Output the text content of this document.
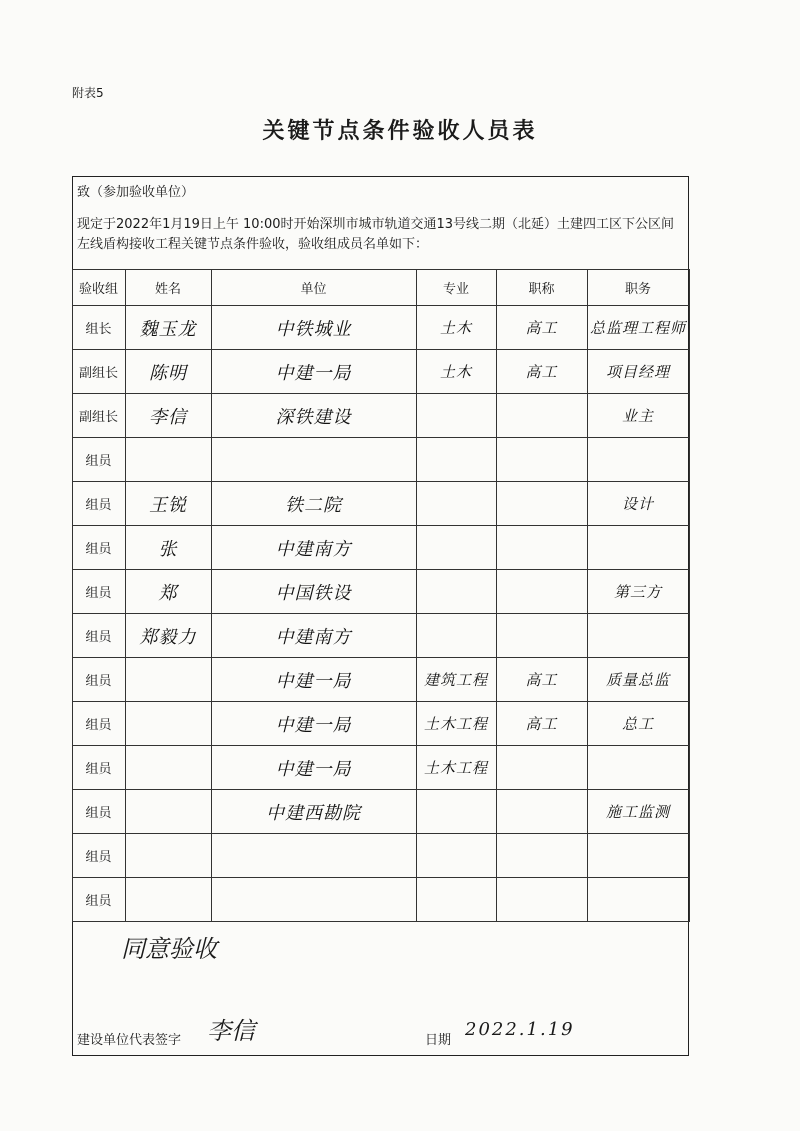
附表5
关键节点条件验收人员表
致（参加验收单位）
现定于2022年1月19日上午 10:00时开始深圳市城市轨道交通13号线二期（北延）土建四工区下公区间左线盾构接收工程关键节点条件验收，验收组成员名单如下：
验收组	姓名	单位	专业	职称	职务
组长	魏玉龙	中铁城业	土木	高工	总监理工程师
副组长	陈明	中建一局	土木	高工	项目经理
副组长	李信	深铁建设			业主
组员					
组员	王锐	铁二院			设计
组员	张	中建南方			
组员	郑	中国铁设			第三方
组员	郑毅力	中建南方			
组员		中建一局	建筑工程	高工	质量总监
组员		中建一局	土木工程	高工	总工
组员		中建一局	土木工程		
组员		中建西勘院			施工监测
组员					
组员					
同意验收
建设单位代表签字 李信	日期
2022.1.19
